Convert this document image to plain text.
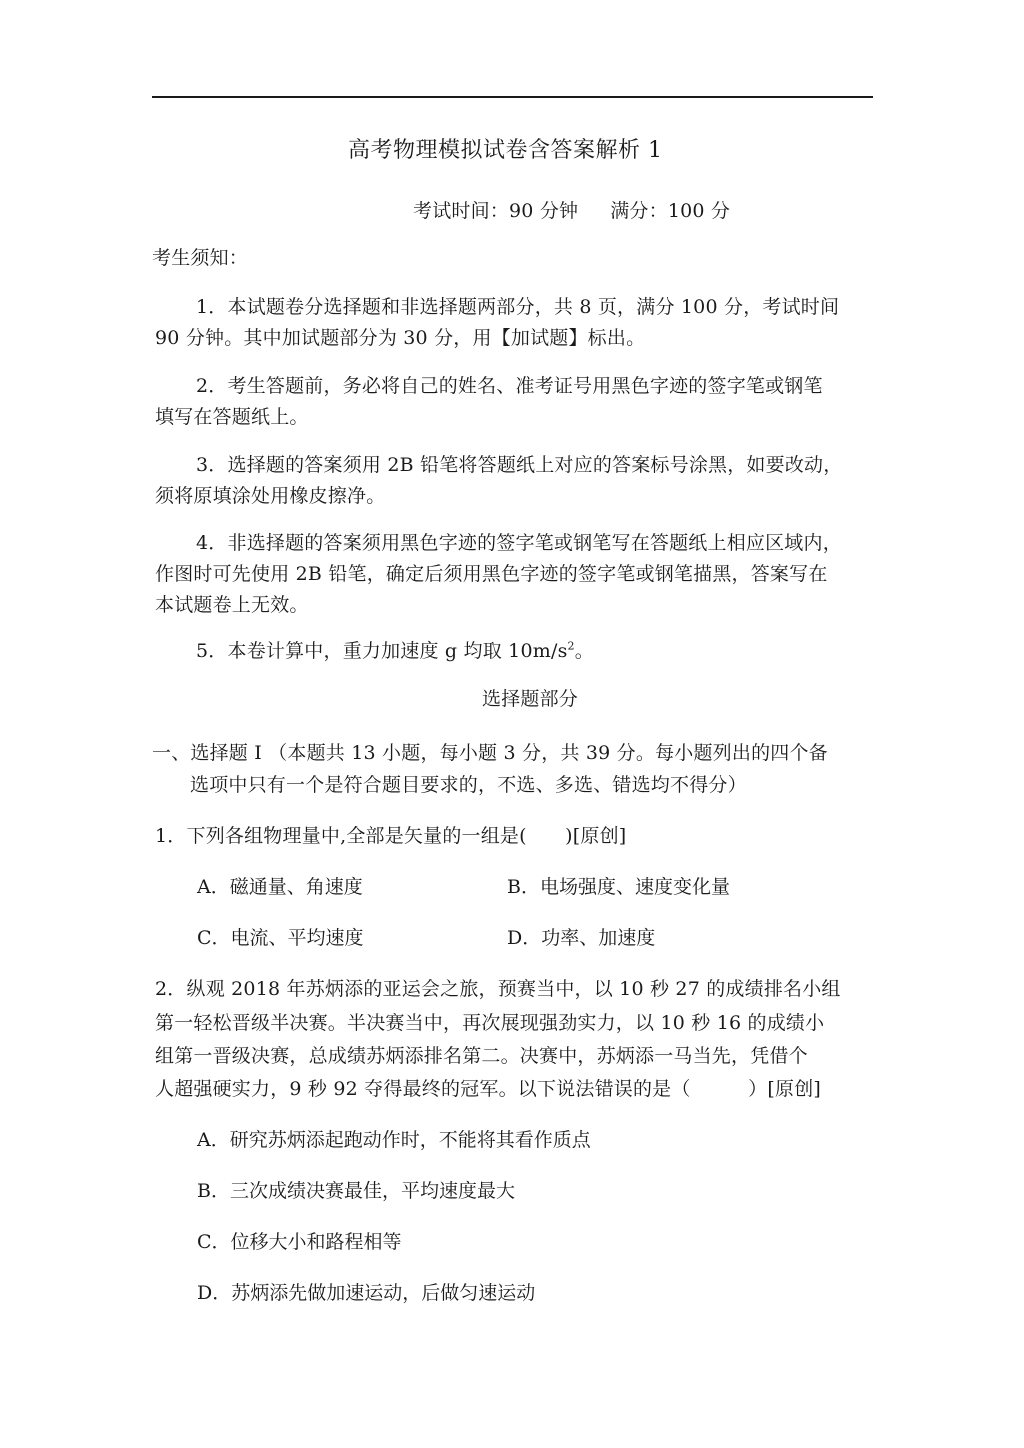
高考物理模拟试卷含答案解析 1
考试时间：90 分钟 满分：100 分
考生须知：
1．本试题卷分选择题和非选择题两部分，共 8 页，满分 100 分，考试时间
90 分钟。其中加试题部分为 30 分，用【加试题】标出。
2．考生答题前，务必将自己的姓名、准考证号用黑色字迹的签字笔或钢笔
填写在答题纸上。
3．选择题的答案须用 2B 铅笔将答题纸上对应的答案标号涂黑，如要改动，
须将原填涂处用橡皮擦净。
4．非选择题的答案须用黑色字迹的签字笔或钢笔写在答题纸上相应区域内，
作图时可先使用 2B 铅笔，确定后须用黑色字迹的签字笔或钢笔描黑，答案写在
本试题卷上无效。
5．本卷计算中，重力加速度 g 均取 $10m/s^2$。
选择题部分
一、选择题 I （本题共 13 小题，每小题 3 分，共 39 分。每小题列出的四个备
选项中只有一个是符合题目要求的，不选、多选、错选均不得分）
1．下列各组物理量中,全部是矢量的一组是(　　)[原创]
A．磁通量、角速度	B．电场强度、速度变化量
C．电流、平均速度	D．功率、加速度
2．纵观 2018 年苏炳添的亚运会之旅，预赛当中，以 10 秒 27 的成绩排名小组
第一轻松晋级半决赛。半决赛当中，再次展现强劲实力，以 10 秒 16 的成绩小
组第一晋级决赛，总成绩苏炳添排名第二。决赛中，苏炳添一马当先，凭借个
人超强硬实力，9 秒 92 夺得最终的冠军。以下说法错误的是（　　　）[原创]
A．研究苏炳添起跑动作时，不能将其看作质点
B．三次成绩决赛最佳，平均速度最大
C．位移大小和路程相等
D．苏炳添先做加速运动，后做匀速运动
